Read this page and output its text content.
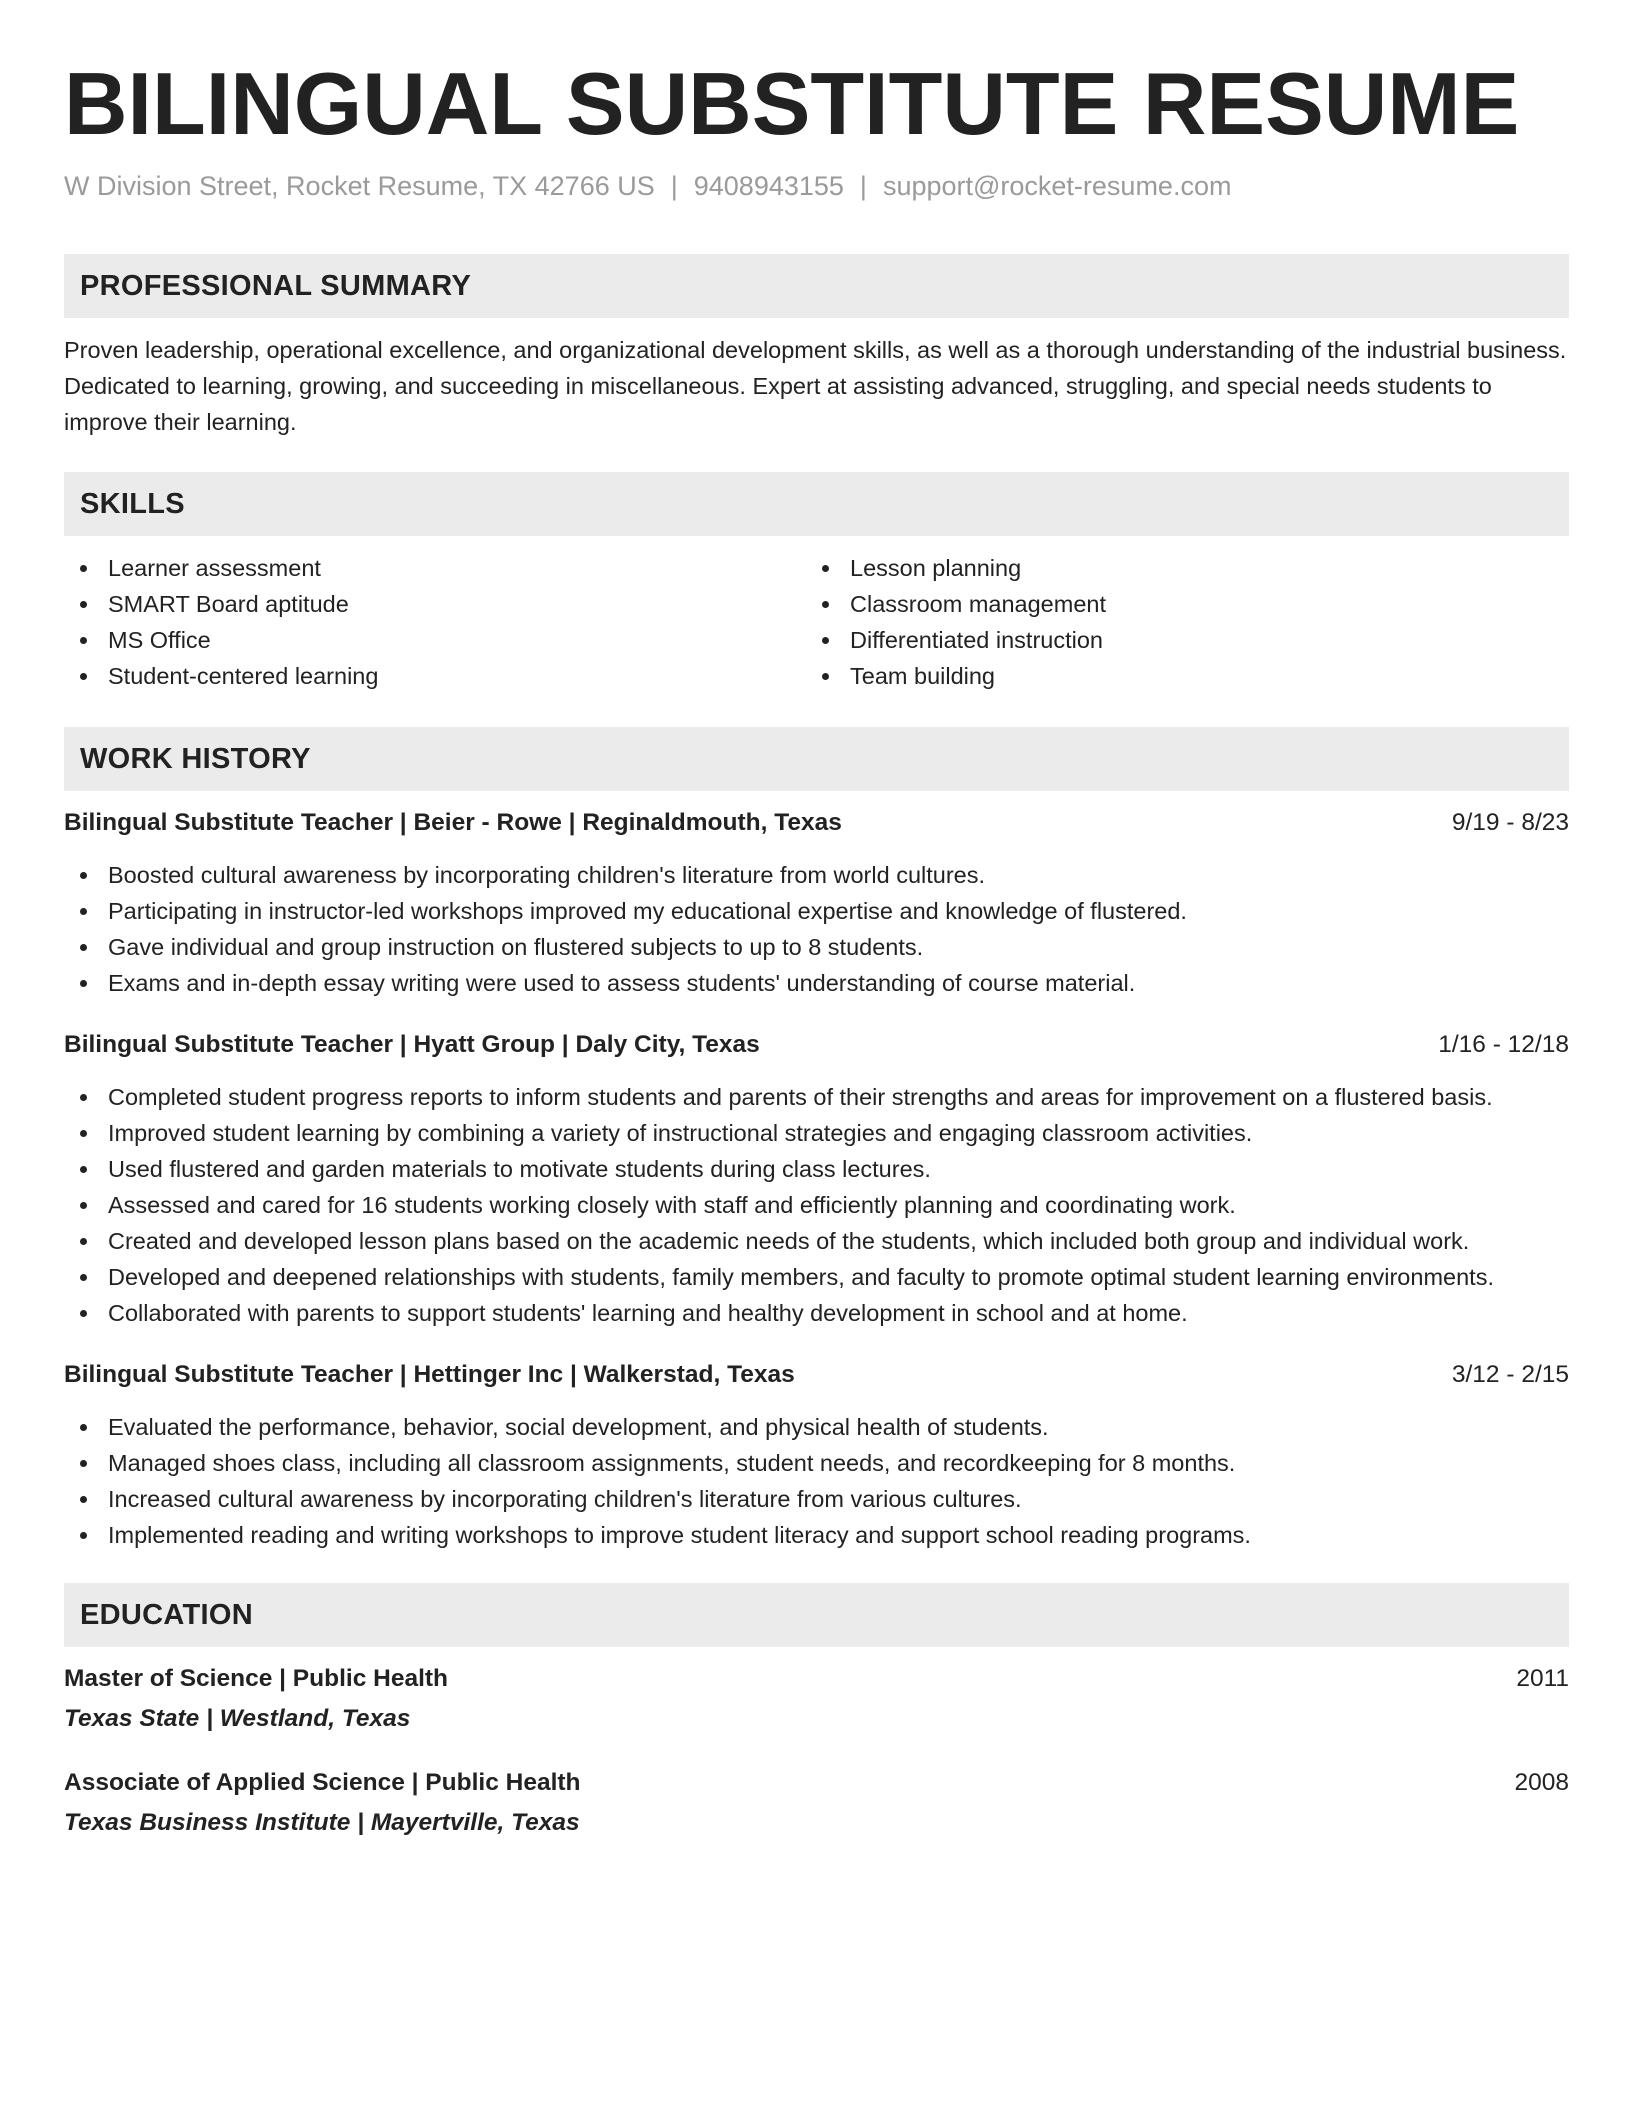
BILINGUAL SUBSTITUTE RESUME
W Division Street, Rocket Resume, TX 42766 US | 9408943155 | support@rocket-resume.com
PROFESSIONAL SUMMARY
Proven leadership, operational excellence, and organizational development skills, as well as a thorough understanding of the industrial business. Dedicated to learning, growing, and succeeding in miscellaneous. Expert at assisting advanced, struggling, and special needs students to improve their learning.
SKILLS
Learner assessment
SMART Board aptitude
MS Office
Student-centered learning
Lesson planning
Classroom management
Differentiated instruction
Team building
WORK HISTORY
Bilingual Substitute Teacher | Beier - Rowe | Reginaldmouth, Texas	9/19 - 8/23
Boosted cultural awareness by incorporating children's literature from world cultures.
Participating in instructor-led workshops improved my educational expertise and knowledge of flustered.
Gave individual and group instruction on flustered subjects to up to 8 students.
Exams and in-depth essay writing were used to assess students' understanding of course material.
Bilingual Substitute Teacher | Hyatt Group | Daly City, Texas	1/16 - 12/18
Completed student progress reports to inform students and parents of their strengths and areas for improvement on a flustered basis.
Improved student learning by combining a variety of instructional strategies and engaging classroom activities.
Used flustered and garden materials to motivate students during class lectures.
Assessed and cared for 16 students working closely with staff and efficiently planning and coordinating work.
Created and developed lesson plans based on the academic needs of the students, which included both group and individual work.
Developed and deepened relationships with students, family members, and faculty to promote optimal student learning environments.
Collaborated with parents to support students' learning and healthy development in school and at home.
Bilingual Substitute Teacher | Hettinger Inc | Walkerstad, Texas	3/12 - 2/15
Evaluated the performance, behavior, social development, and physical health of students.
Managed shoes class, including all classroom assignments, student needs, and recordkeeping for 8 months.
Increased cultural awareness by incorporating children's literature from various cultures.
Implemented reading and writing workshops to improve student literacy and support school reading programs.
EDUCATION
Master of Science | Public Health	2011
Texas State | Westland, Texas
Associate of Applied Science | Public Health	2008
Texas Business Institute | Mayertville, Texas
